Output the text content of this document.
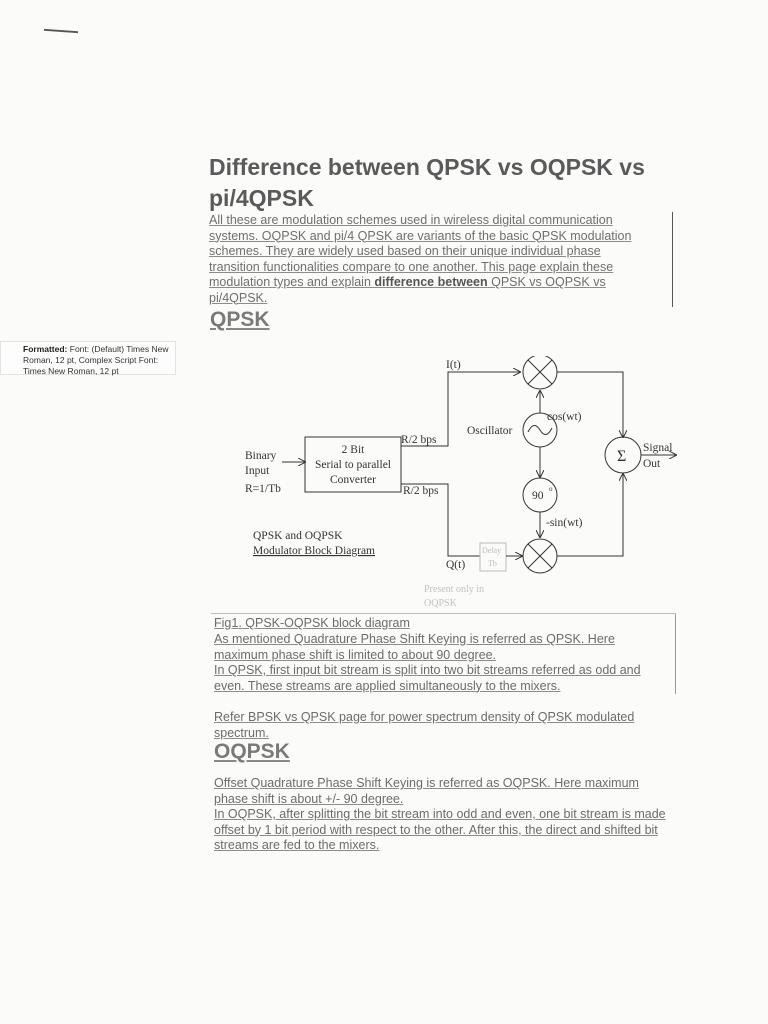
Difference between QPSK vs OQPSK vs pi/4QPSK

All these are modulation schemes used in wireless digital communication systems. OQPSK and pi/4 QPSK are variants of the basic QPSK modulation schemes. They are widely used based on their unique individual phase transition functionalities compare to one another. This page explain these modulation types and explain difference between QPSK vs OQPSK vs pi/4QPSK.

QPSK
Formatted: Font: (Default) Times New Roman, 12 pt, Complex Script Font: Times New Roman, 12 pt	I(t)
Q(t)
cos(wt)
-sin(wt)
Oscillator
90
o
R/2 bps
R/2 bps
Binary
Input
R=1/Tb
2 Bit
Serial to parallel
Converter
Signal
Out
Σ
QPSK and OQPSK
Modulator Block Diagram	Delay
Tb
Present only in
OQPSK

Fig1. QPSK-OQPSK block diagram

As mentioned Quadrature Phase Shift Keying is referred as QPSK. Here maximum phase shift is limited to about 90 degree.

In QPSK, first input bit stream is split into two bit streams referred as odd and even. These streams are applied simultaneously to the mixers.

Refer BPSK vs QPSK page for power spectrum density of QPSK modulated spectrum.

OQPSK

Offset Quadrature Phase Shift Keying is referred as OQPSK. Here maximum phase shift is about +/- 90 degree.

In OQPSK, after splitting the bit stream into odd and even, one bit stream is made offset by 1 bit period with respect to the other. After this, the direct and shifted bit streams are fed to the mixers.
